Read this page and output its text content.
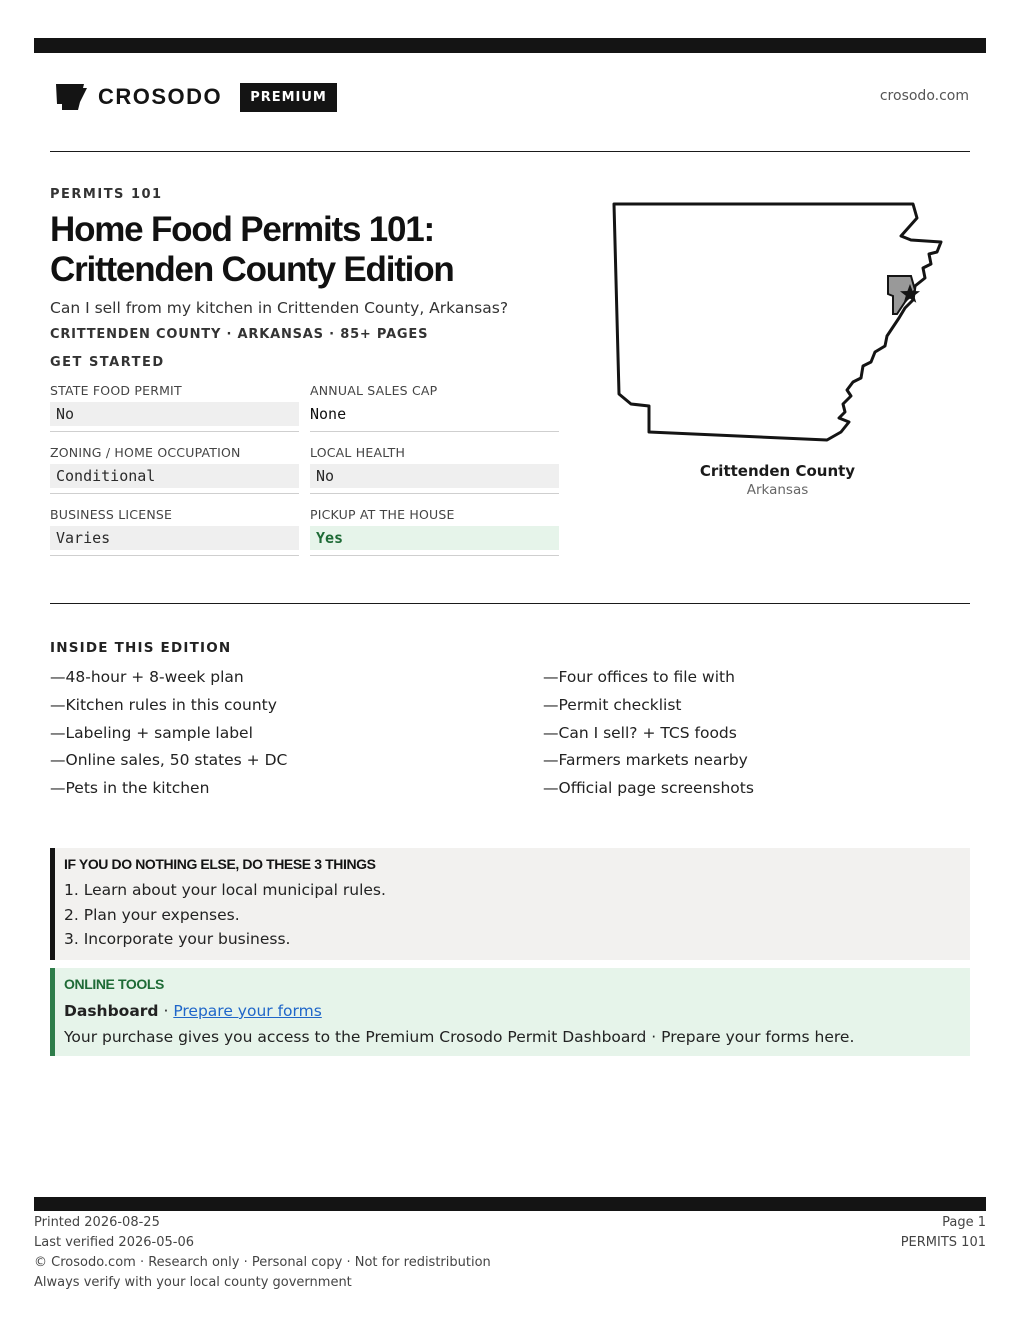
CROSODO	PREMIUM	crosodo.com
PERMITS 101
Home Food Permits 101:
Crittenden County Edition
Can I sell from my kitchen in Crittenden County, Arkansas?
CRITTENDEN COUNTY · ARKANSAS · 85+ PAGES
GET STARTED
STATE FOOD PERMIT
No
ANNUAL SALES CAP
None
ZONING / HOME OCCUPATION
Conditional
LOCAL HEALTH
No
BUSINESS LICENSE
Varies
PICKUP AT THE HOUSE
Yes
Crittenden County
Arkansas
INSIDE THIS EDITION
—48-hour + 8-week plan
—Kitchen rules in this county
—Labeling + sample label
—Online sales, 50 states + DC
—Pets in the kitchen
—Four offices to file with
—Permit checklist
—Can I sell? + TCS foods
—Farmers markets nearby
—Official page screenshots
IF YOU DO NOTHING ELSE, DO THESE 3 THINGS
1. Learn about your local municipal rules.
2. Plan your expenses.
3. Incorporate your business.
ONLINE TOOLS
Dashboard · Prepare your forms
Your purchase gives you access to the Premium Crosodo Permit Dashboard · Prepare your forms here.
Printed 2026-08-25
Last verified 2026-05-06
© Crosodo.com · Research only · Personal copy · Not for redistribution
Always verify with your local county government
Page 1
PERMITS 101
